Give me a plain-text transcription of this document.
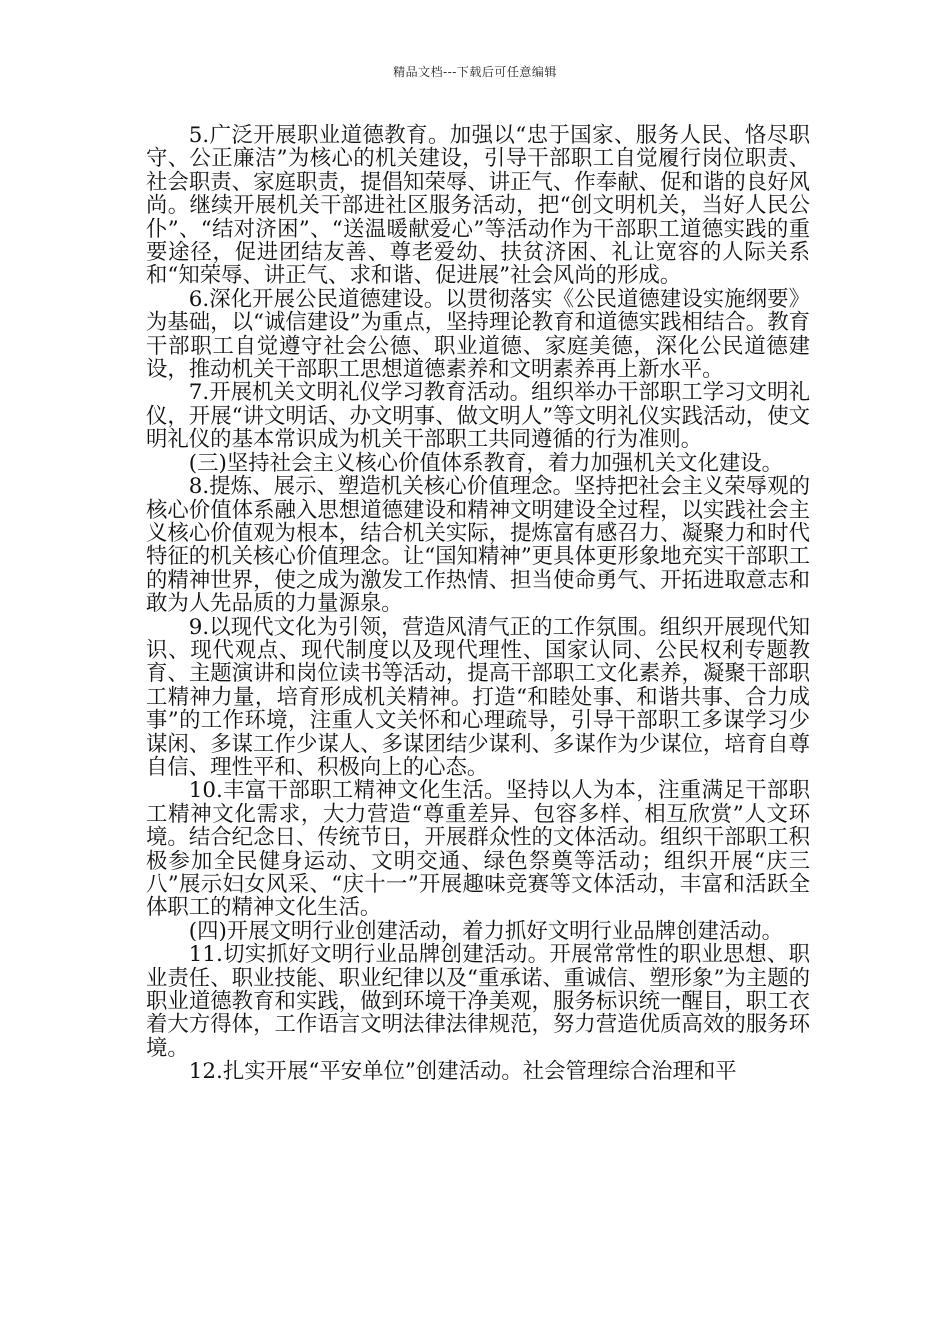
精品文档---下载后可任意编辑

5.广泛开展职业道德教育。加强以“忠于国家、服务人民、恪尽职守、公正廉洁”为核心的机关建设，引导干部职工自觉履行岗位职责、社会职责、家庭职责，提倡知荣辱、讲正气、作奉献、促和谐的良好风尚。继续开展机关干部进社区服务活动，把“创文明机关，当好人民公仆”、“结对济困”、“送温暖献爱心”等活动作为干部职工道德实践的重要途径，促进团结友善、尊老爱幼、扶贫济困、礼让宽容的人际关系和“知荣辱、讲正气、求和谐、促进展”社会风尚的形成。

6.深化开展公民道德建设。以贯彻落实《公民道德建设实施纲要》为基础，以“诚信建设”为重点，坚持理论教育和道德实践相结合。教育干部职工自觉遵守社会公德、职业道德、家庭美德，深化公民道德建设，推动机关干部职工思想道德素养和文明素养再上新水平。

7.开展机关文明礼仪学习教育活动。组织举办干部职工学习文明礼仪，开展“讲文明话、办文明事、做文明人”等文明礼仪实践活动，使文明礼仪的基本常识成为机关干部职工共同遵循的行为准则。

(三)坚持社会主义核心价值体系教育，着力加强机关文化建设。

8.提炼、展示、塑造机关核心价值理念。坚持把社会主义荣辱观的核心价值体系融入思想道德建设和精神文明建设全过程，以实践社会主义核心价值观为根本，结合机关实际，提炼富有感召力、凝聚力和时代特征的机关核心价值理念。让“国知精神”更具体更形象地充实干部职工的精神世界，使之成为激发工作热情、担当使命勇气、开拓进取意志和敢为人先品质的力量源泉。

9.以现代文化为引领，营造风清气正的工作氛围。组织开展现代知识、现代观点、现代制度以及现代理性、国家认同、公民权利专题教育、主题演讲和岗位读书等活动，提高干部职工文化素养，凝聚干部职工精神力量，培育形成机关精神。打造“和睦处事、和谐共事、合力成事”的工作环境，注重人文关怀和心理疏导，引导干部职工多谋学习少谋闲、多谋工作少谋人、多谋团结少谋利、多谋作为少谋位，培育自尊自信、理性平和、积极向上的心态。

10.丰富干部职工精神文化生活。坚持以人为本，注重满足干部职工精神文化需求，大力营造“尊重差异、包容多样、相互欣赏”人文环境。结合纪念日、传统节日，开展群众性的文体活动。组织干部职工积极参加全民健身运动、文明交通、绿色祭奠等活动；组织开展“庆三八”展示妇女风采、“庆十一”开展趣味竞赛等文体活动，丰富和活跃全体职工的精神文化生活。

(四)开展文明行业创建活动，着力抓好文明行业品牌创建活动。

11.切实抓好文明行业品牌创建活动。开展常常性的职业思想、职业责任、职业技能、职业纪律以及“重承诺、重诚信、塑形象”为主题的职业道德教育和实践，做到环境干净美观，服务标识统一醒目，职工衣着大方得体，工作语言文明法律法律规范，努力营造优质高效的服务环境。

12.扎实开展“平安单位”创建活动。社会管理综合治理和平
